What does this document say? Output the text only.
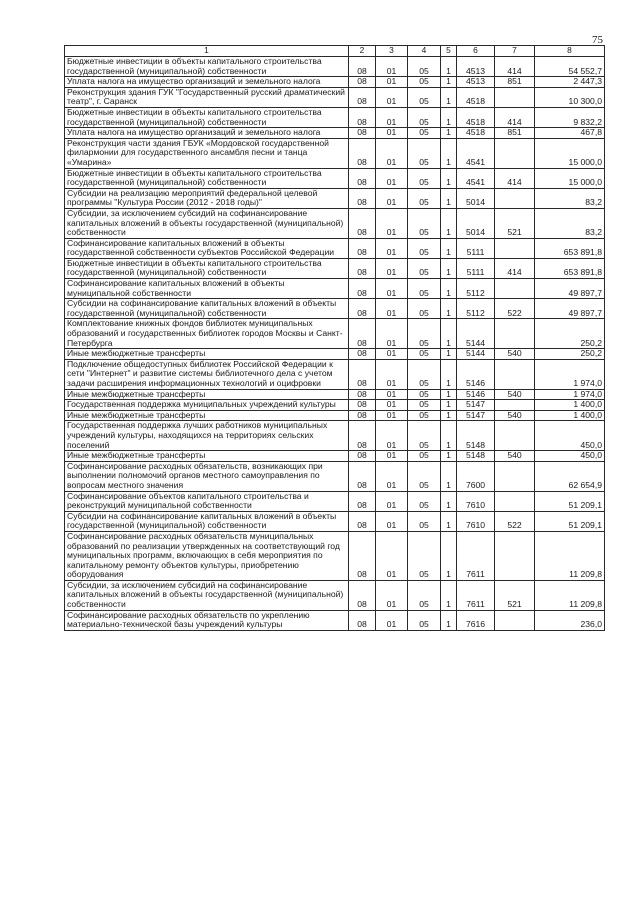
75
1	2	3	4	5	6	7	8
Бюджетные инвестиции в объекты капитального строительства государственной (муниципальной) собственности	08	01	05	1	4513	414	54 552,7
Уплата налога на имущество организаций и земельного налога	08	01	05	1	4513	851	2 447,3
Реконструкция здания ГУК "Государственный русский драматический театр", г. Саранск	08	01	05	1	4518		10 300,0
Бюджетные инвестиции в объекты капитального строительства государственной (муниципальной) собственности	08	01	05	1	4518	414	9 832,2
Уплата налога на имущество организаций и земельного налога	08	01	05	1	4518	851	467,8
Реконструкция части здания ГБУК «Мордовской государственной филармонии для государственного ансамбля песни и танца «Умарина»	08	01	05	1	4541		15 000,0
Бюджетные инвестиции в объекты капитального строительства государственной (муниципальной) собственности	08	01	05	1	4541	414	15 000,0
Субсидии на реализацию мероприятий федеральной целевой программы "Культура России (2012 - 2018 годы)"	08	01	05	1	5014		83,2
Субсидии, за исключением субсидий на софинансирование капитальных вложений в объекты государственной (муниципальной) собственности	08	01	05	1	5014	521	83,2
Софинансирование капитальных вложений в объекты государственной собственности субъектов Российской Федерации	08	01	05	1	5111		653 891,8
Бюджетные инвестиции в объекты капитального строительства государственной (муниципальной) собственности	08	01	05	1	5111	414	653 891,8
Софинансирование капитальных вложений в объекты муниципальной собственности	08	01	05	1	5112		49 897,7
Субсидии на софинансирование капитальных вложений в объекты государственной (муниципальной) собственности	08	01	05	1	5112	522	49 897,7
Комплектование книжных фондов библиотек муниципальных образований и государственных библиотек городов Москвы и Санкт-Петербурга	08	01	05	1	5144		250,2
Иные межбюджетные трансферты	08	01	05	1	5144	540	250,2
Подключение общедоступных библиотек Российской Федерации к сети "Интернет" и развитие системы библиотечного дела с учетом задачи расширения информационных технологий и оцифровки	08	01	05	1	5146		1 974,0
Иные межбюджетные трансферты	08	01	05	1	5146	540	1 974,0
Государственная поддержка муниципальных учреждений культуры	08	01	05	1	5147		1 400,0
Иные межбюджетные трансферты	08	01	05	1	5147	540	1 400,0
Государственная поддержка лучших работников муниципальных учреждений культуры, находящихся на территориях сельских поселений	08	01	05	1	5148		450,0
Иные межбюджетные трансферты	08	01	05	1	5148	540	450,0
Софинансирование расходных обязательств, возникающих при выполнении полномочий органов местного самоуправления по вопросам местного значения	08	01	05	1	7600		62 654,9
Софинансирование объектов капитального строительства и реконструкций муниципальной собственности	08	01	05	1	7610		51 209,1
Субсидии на софинансирование капитальных вложений в объекты государственной (муниципальной) собственности	08	01	05	1	7610	522	51 209,1
Софинансирование расходных обязательств муниципальных образований по реализации утвержденных на соответствующий год муниципальных программ, включающих в себя мероприятия по капитальному ремонту объектов культуры, приобретению оборудования	08	01	05	1	7611		11 209,8
Субсидии, за исключением субсидий на софинансирование капитальных вложений в объекты государственной (муниципальной) собственности	08	01	05	1	7611	521	11 209,8
Софинансирование расходных обязательств по укреплению материально-технической базы учреждений культуры	08	01	05	1	7616		236,0
